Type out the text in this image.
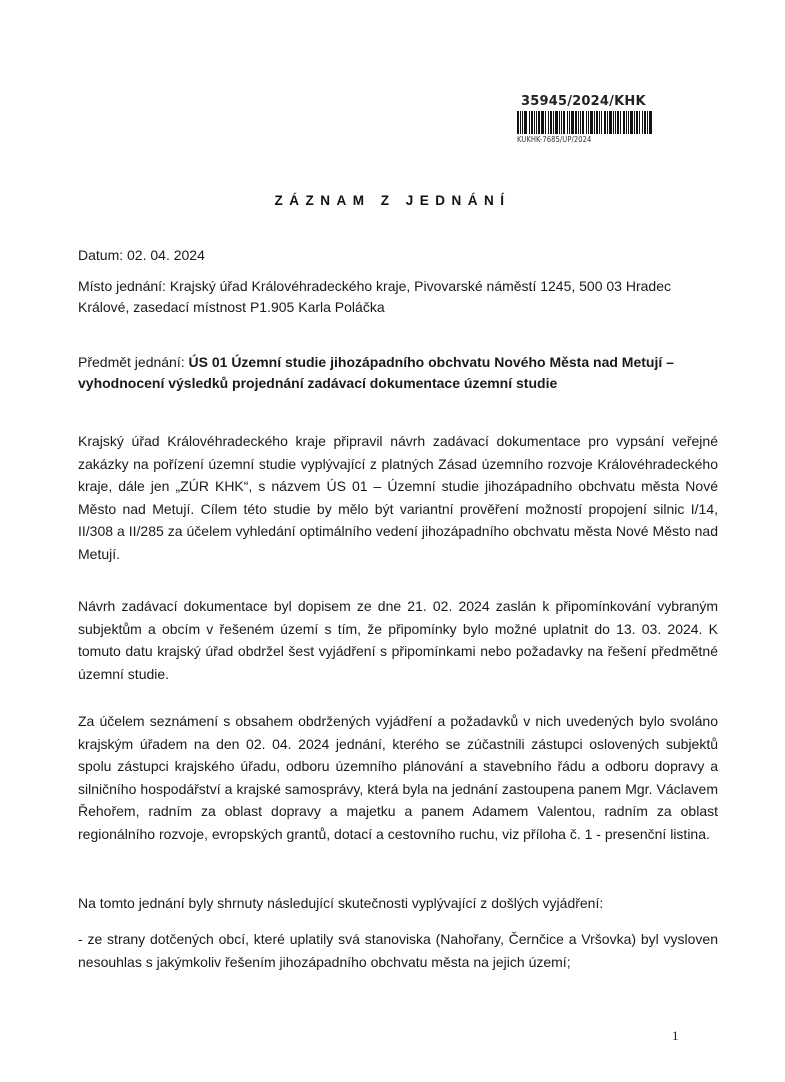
35945/2024/KHK
KUKHK-7685/UP/2024
ZÁZNAM Z JEDNÁNÍ
Datum: 02. 04. 2024
Místo jednání: Krajský úřad Královéhradeckého kraje, Pivovarské náměstí 1245, 500 03 Hradec Králové, zasedací místnost P1.905 Karla Poláčka
Předmět jednání: ÚS 01 Územní studie jihozápadního obchvatu Nového Města nad Metují – vyhodnocení výsledků projednání zadávací dokumentace územní studie
Krajský úřad Královéhradeckého kraje připravil návrh zadávací dokumentace pro vypsání veřejné zakázky na pořízení územní studie vyplývající z platných Zásad územního rozvoje Královéhradeckého kraje, dále jen „ZÚR KHK“, s názvem ÚS 01 – Územní studie jihozápadního obchvatu města Nové Město nad Metují. Cílem této studie by mělo být variantní prověření možností propojení silnic I/14, II/308 a II/285 za účelem vyhledání optimálního vedení jihozápadního obchvatu města Nové Město nad Metují.
Návrh zadávací dokumentace byl dopisem ze dne 21. 02. 2024 zaslán k připomínkování vybraným subjektům a obcím v řešeném území s tím, že připomínky bylo možné uplatnit do 13. 03. 2024. K tomuto datu krajský úřad obdržel šest vyjádření s připomínkami nebo požadavky na řešení předmětné územní studie.
Za účelem seznámení s obsahem obdržených vyjádření a požadavků v nich uvedených bylo svoláno krajským úřadem na den 02. 04. 2024 jednání, kterého se zúčastnili zástupci oslovených subjektů spolu zástupci krajského úřadu, odboru územního plánování a stavebního řádu a odboru dopravy a silničního hospodářství a krajské samosprávy, která byla na jednání zastoupena panem Mgr. Václavem Řehořem, radním za oblast dopravy a majetku a panem Adamem Valentou, radním za oblast regionálního rozvoje, evropských grantů, dotací a cestovního ruchu, viz příloha č. 1 - presenční listina.
Na tomto jednání byly shrnuty následující skutečnosti vyplývající z došlých vyjádření:
- ze strany dotčených obcí, které uplatily svá stanoviska (Nahořany, Černčice a Vršovka) byl vysloven nesouhlas s jakýmkoliv řešením jihozápadního obchvatu města na jejich území;
1
